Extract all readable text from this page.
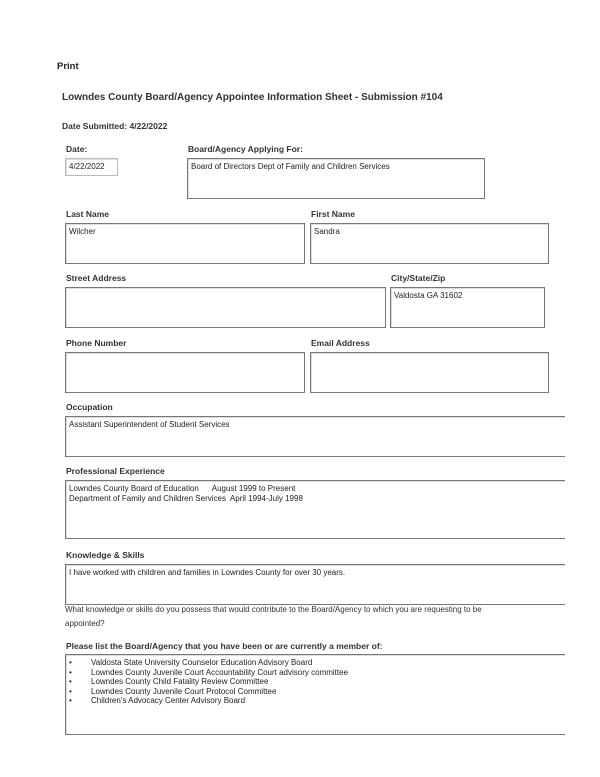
Print
Lowndes County Board/Agency Appointee Information Sheet - Submission #104
Date Submitted: 4/22/2022
Date:
4/22/2022
Board/Agency Applying For:
Board of Directors Dept of Family and Children Services
Last Name
Wilcher
First Name
Sandra
Street Address	City/State/Zip
Valdosta GA 31602
Phone Number	Email Address
Occupation
Assistant Superintendent of Student Services
Professional Experience
Lowndes County Board of Education      August 1999 to Present
Department of Family and Children Services  April 1994-July 1998
Knowledge & Skills
I have worked with children and families in Lowndes County for over 30 years.
What knowledge or skills do you possess that would contribute to the Board/Agency to which you are requesting to be
appointed?
Please list the Board/Agency that you have been or are currently a member of:
• Valdosta State University Counselor Education Advisory Board
• Lowndes County Juvenile Court Accountability Court advisory committee
• Lowndes County Child Fatality Review Committee
• Lowndes County Juvenile Court Protocol Committee
• Children's Advocacy Center Advisory Board
